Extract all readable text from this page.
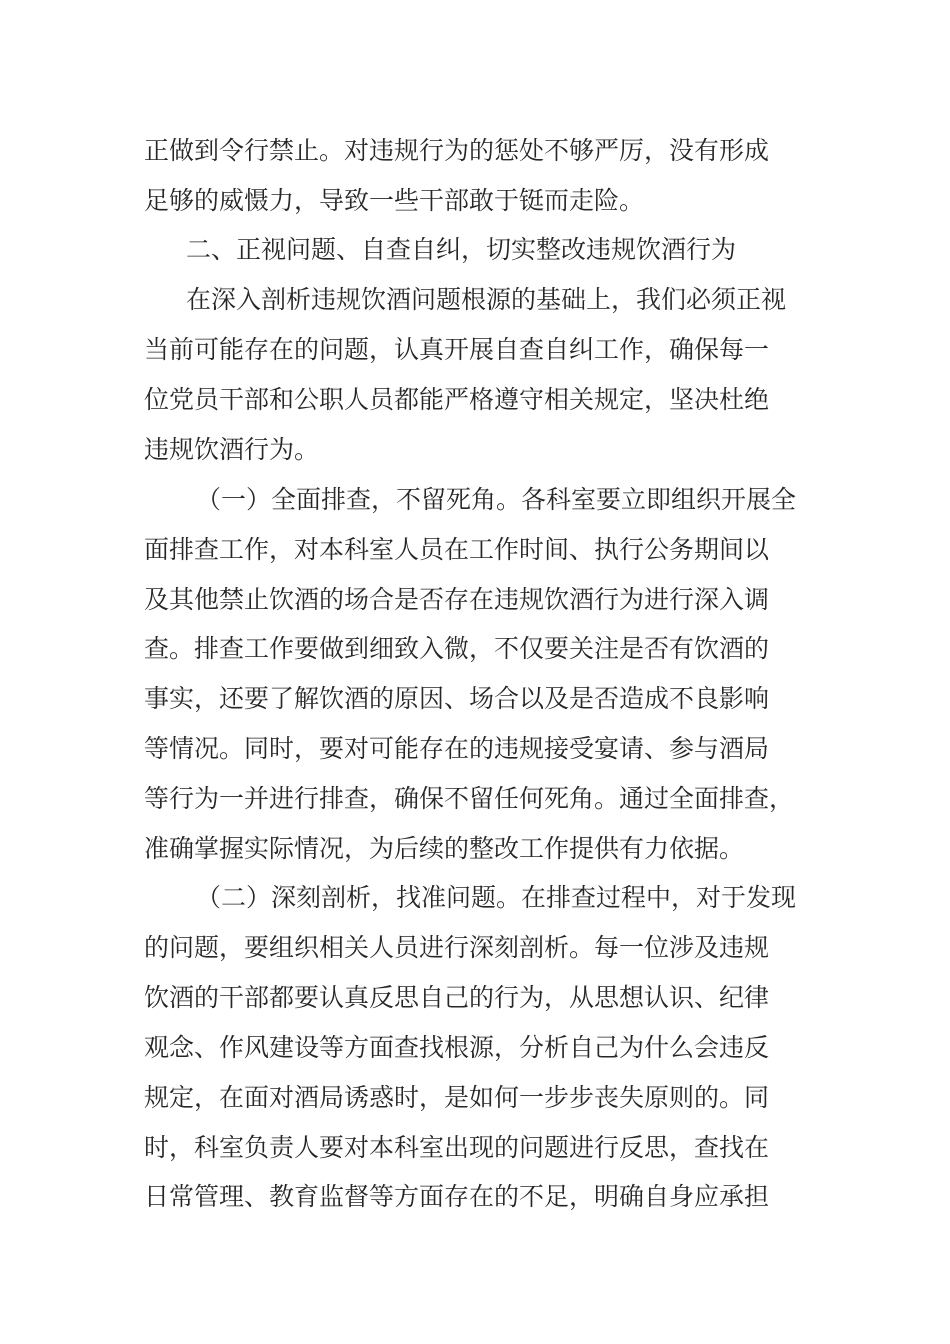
正做到令行禁止。对违规行为的惩处不够严厉，没有形成
足够的威慑力，导致一些干部敢于铤而走险。
二、正视问题、自查自纠，切实整改违规饮酒行为
在深入剖析违规饮酒问题根源的基础上，我们必须正视
当前可能存在的问题，认真开展自查自纠工作，确保每一
位党员干部和公职人员都能严格遵守相关规定，坚决杜绝
违规饮酒行为。
（一）全面排查，不留死角。各科室要立即组织开展全
面排查工作，对本科室人员在工作时间、执行公务期间以
及其他禁止饮酒的场合是否存在违规饮酒行为进行深入调
查。排查工作要做到细致入微，不仅要关注是否有饮酒的
事实，还要了解饮酒的原因、场合以及是否造成不良影响
等情况。同时，要对可能存在的违规接受宴请、参与酒局
等行为一并进行排查，确保不留任何死角。通过全面排查，
准确掌握实际情况，为后续的整改工作提供有力依据。
（二）深刻剖析，找准问题。在排查过程中，对于发现
的问题，要组织相关人员进行深刻剖析。每一位涉及违规
饮酒的干部都要认真反思自己的行为，从思想认识、纪律
观念、作风建设等方面查找根源，分析自己为什么会违反
规定，在面对酒局诱惑时，是如何一步步丧失原则的。同
时，科室负责人要对本科室出现的问题进行反思，查找在
日常管理、教育监督等方面存在的不足，明确自身应承担
